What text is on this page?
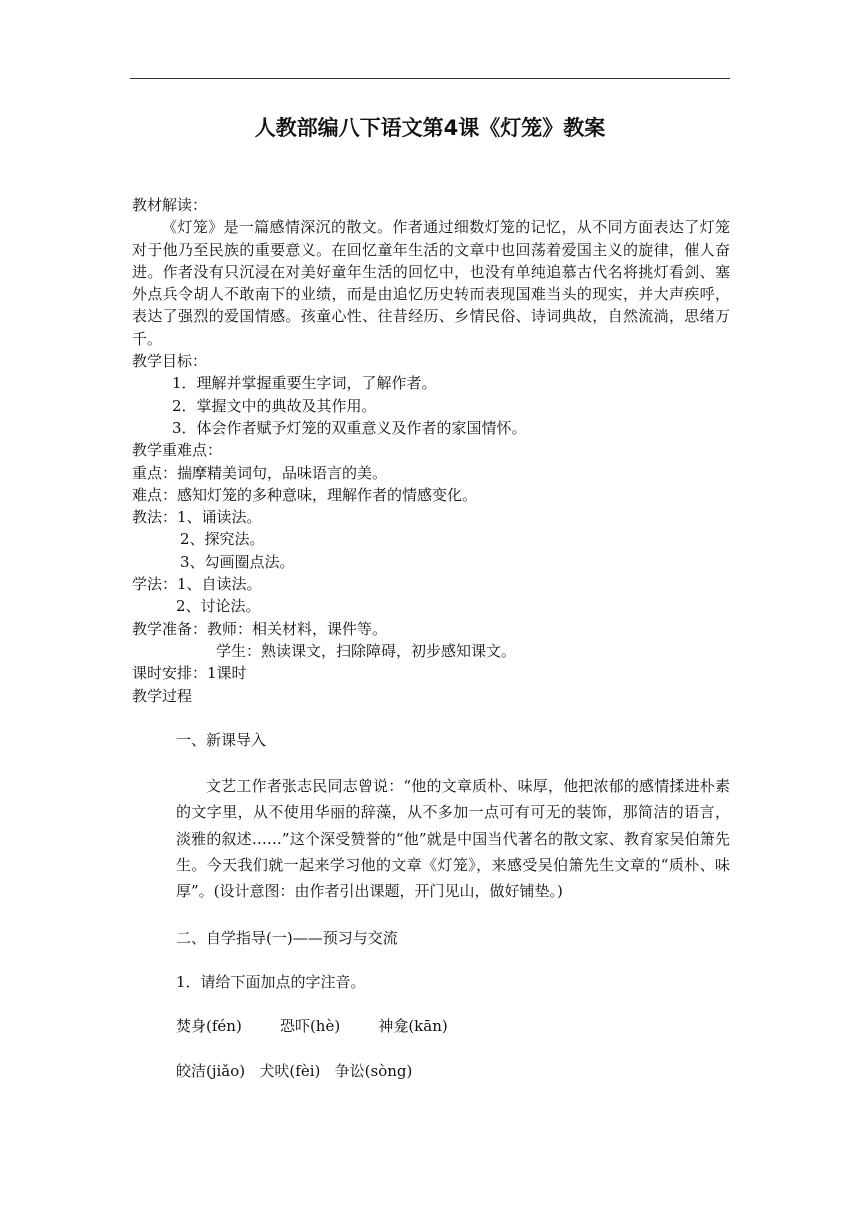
人教部编八下语文第4课《灯笼》教案

教材解读：

《灯笼》是一篇感情深沉的散文。作者通过细数灯笼的记忆，从不同方面表达了灯笼对于他乃至民族的重要意义。在回忆童年生活的文章中也回荡着爱国主义的旋律，催人奋进。作者没有只沉浸在对美好童年生活的回忆中，也没有单纯追慕古代名将挑灯看剑、塞外点兵令胡人不敢南下的业绩，而是由追忆历史转而表现国难当头的现实，并大声疾呼，表达了强烈的爱国情感。孩童心性、往昔经历、乡情民俗、诗词典故，自然流淌，思绪万千。

教学目标：

1．理解并掌握重要生字词，了解作者。

2．掌握文中的典故及其作用。

3．体会作者赋予灯笼的双重意义及作者的家国情怀。

教学重难点：

重点：揣摩精美词句，品味语言的美。

难点：感知灯笼的多种意味，理解作者的情感变化。

教法：1、诵读法。

2、探究法。

3、勾画圈点法。

学法：1、自读法。

2、讨论法。

教学准备：教师：相关材料，课件等。

学生：熟读课文，扫除障碍，初步感知课文。

课时安排：1课时

教学过程

一、新课导入

文艺工作者张志民同志曾说：“他的文章质朴、味厚，他把浓郁的感情揉进朴素的文字里，从不使用华丽的辞藻，从不多加一点可有可无的装饰，那简洁的语言，淡雅的叙述……”这个深受赞誉的“他”就是中国当代著名的散文家、教育家吴伯箫先生。今天我们就一起来学习他的文章《灯笼》，来感受吴伯箫先生文章的“质朴、味厚”。(设计意图：由作者引出课题，开门见山，做好铺垫。)

二、自学指导(一)——预习与交流

1．请给下面加点的字注音。

焚身(fén)        恐吓(hè)        神龛(kān)

皎洁(jiǎo)   犬吠(fèi)   争讼(sòng)
